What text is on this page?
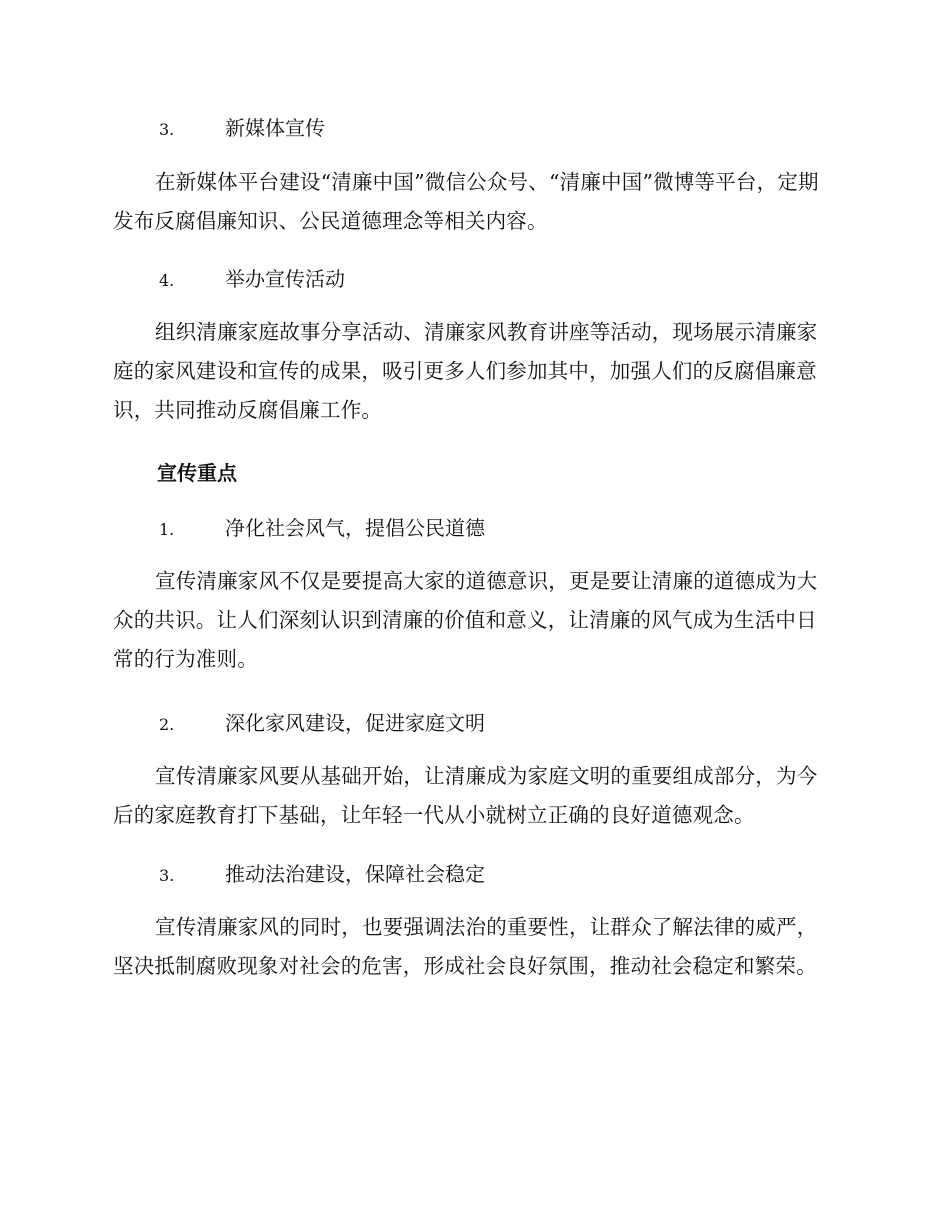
3.	新媒体宣传

在新媒体平台建设“清廉中国”微信公众号、“清廉中国”微博等平台，定期发布反腐倡廉知识、公民道德理念等相关内容。

4.	举办宣传活动

组织清廉家庭故事分享活动、清廉家风教育讲座等活动，现场展示清廉家庭的家风建设和宣传的成果，吸引更多人们参加其中，加强人们的反腐倡廉意识，共同推动反腐倡廉工作。

宣传重点
1.	净化社会风气，提倡公民道德

宣传清廉家风不仅是要提高大家的道德意识，更是要让清廉的道德成为大众的共识。让人们深刻认识到清廉的价值和意义，让清廉的风气成为生活中日常的行为准则。

2.	深化家风建设，促进家庭文明

宣传清廉家风要从基础开始，让清廉成为家庭文明的重要组成部分，为今后的家庭教育打下基础，让年轻一代从小就树立正确的良好道德观念。

3.	推动法治建设，保障社会稳定

宣传清廉家风的同时，也要强调法治的重要性，让群众了解法律的威严，坚决抵制腐败现象对社会的危害，形成社会良好氛围，推动社会稳定和繁荣。
